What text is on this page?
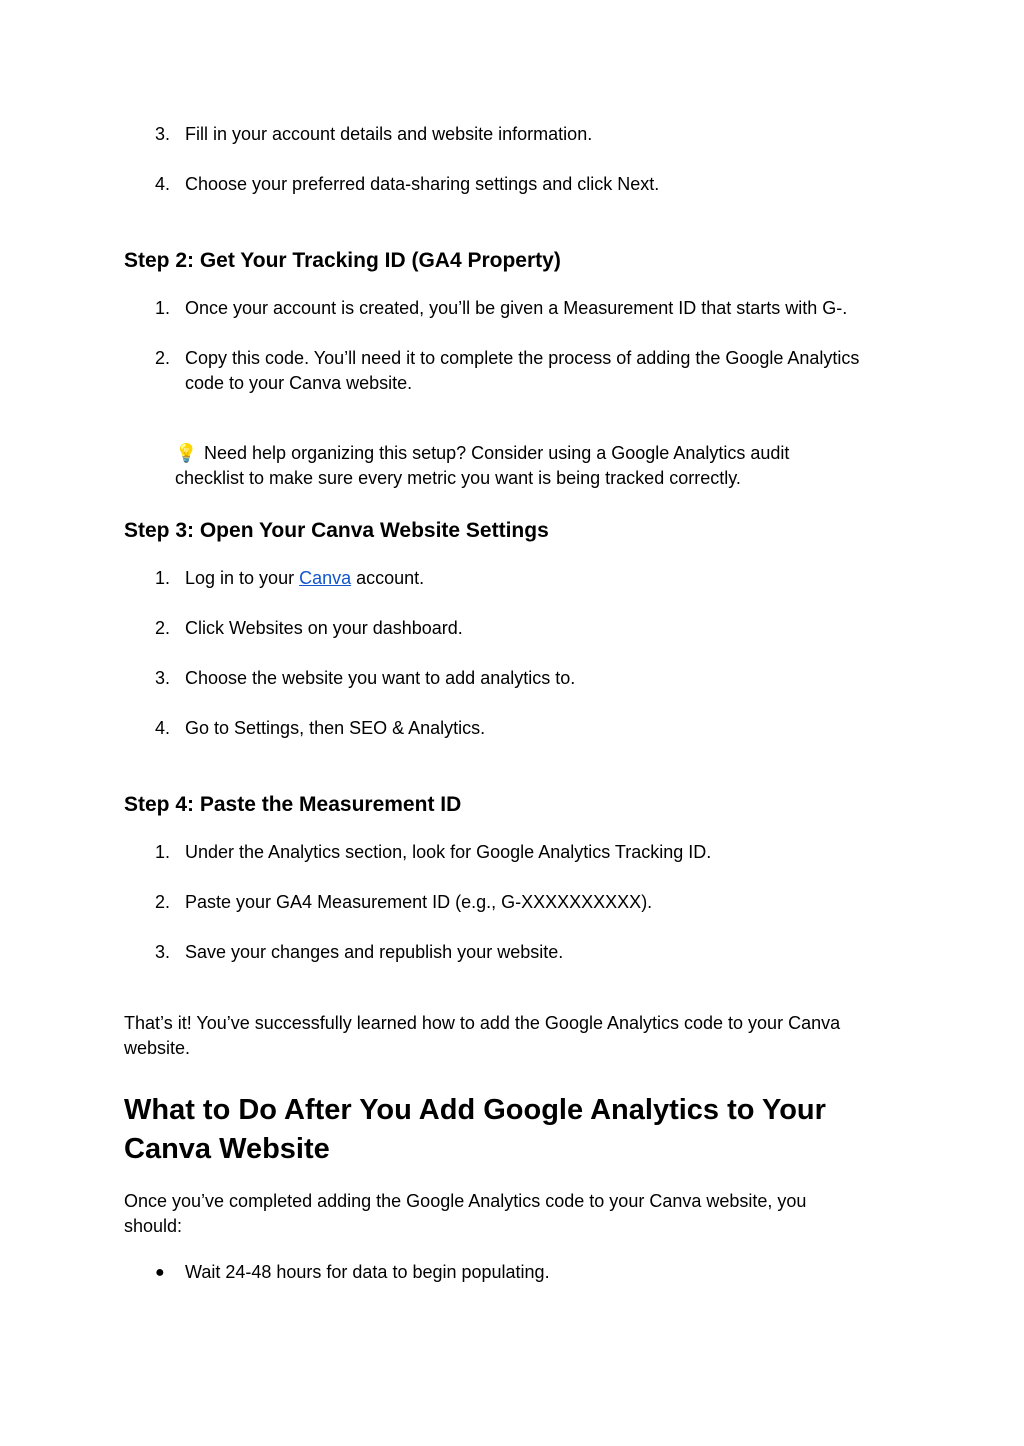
3. Fill in your account details and website information.
4. Choose your preferred data-sharing settings and click Next.
Step 2: Get Your Tracking ID (GA4 Property)
1. Once your account is created, you’ll be given a Measurement ID that starts with G-.
2. Copy this code. You’ll need it to complete the process of adding the Google Analytics
code to your Canva website.
💡 Need help organizing this setup? Consider using a Google Analytics audit
checklist to make sure every metric you want is being tracked correctly.
Step 3: Open Your Canva Website Settings
1. Log in to your Canva account.
2. Click Websites on your dashboard.
3. Choose the website you want to add analytics to.
4. Go to Settings, then SEO & Analytics.
Step 4: Paste the Measurement ID
1. Under the Analytics section, look for Google Analytics Tracking ID.
2. Paste your GA4 Measurement ID (e.g., G-XXXXXXXXXX).
3. Save your changes and republish your website.

That’s it! You’ve successfully learned how to add the Google Analytics code to your Canva

website.

What to Do After You Add Google Analytics to Your
Canva Website

Once you’ve completed adding the Google Analytics code to your Canva website, you

should:

● Wait 24-48 hours for data to begin populating.
